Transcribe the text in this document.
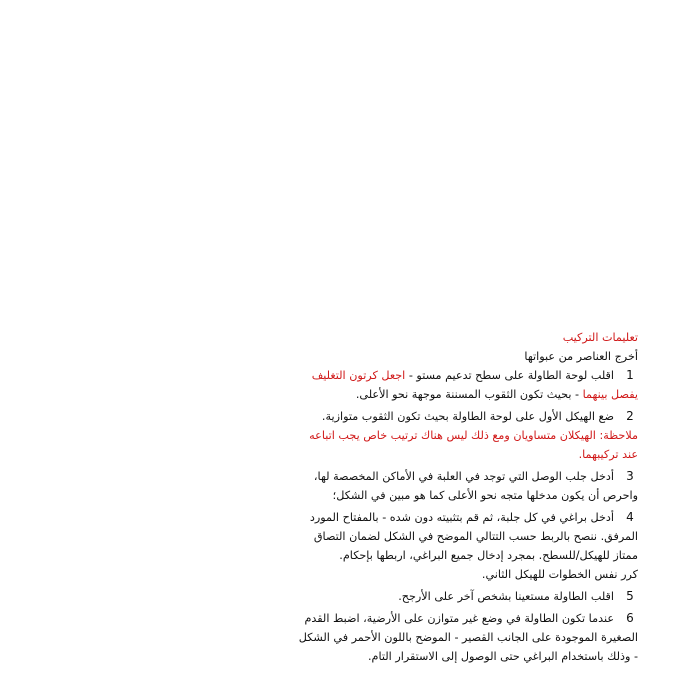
تعليمات التركيب

أخرج العناصر من عبواتها

1اقلب لوحة الطاولة على سطح تدعيم مستو - اجعل كرتون التغليف يفصل بينهما - بحيث تكون الثقوب المسننة موجهة نحو الأعلى.

2ضع الهيكل الأول على لوحة الطاولة بحيث تكون الثقوب متوازية.

ملاحظة: الهيكلان متساويان ومع ذلك ليس هناك ترتيب خاص يجب اتباعه عند تركيبهما.

3أدخل جلب الوصل التي توجد في العلبة في الأماكن المخصصة لها، واحرص أن يكون مدخلها متجه نحو الأعلى كما هو مبين في الشكل؛

4أدخل براغي في كل جلبة، ثم قم بتثبيته دون شده - بالمفتاح المورد المرفق. ننصح بالربط حسب التتالي الموضح في الشكل لضمان التصاق ممتاز للهيكل/للسطح. بمجرد إدخال جميع البراغي، اربطها بإحكام.

كرر نفس الخطوات للهيكل الثاني.

5اقلب الطاولة مستعينا بشخص آخر على الأرجح.

6عندما تكون الطاولة في وضع غير متوازن على الأرضية، اضبط القدم الصغيرة الموجودة على الجانب القصير - الموضح باللون الأحمر في الشكل - وذلك باستخدام البراغي حتى الوصول إلى الاستقرار التام.
